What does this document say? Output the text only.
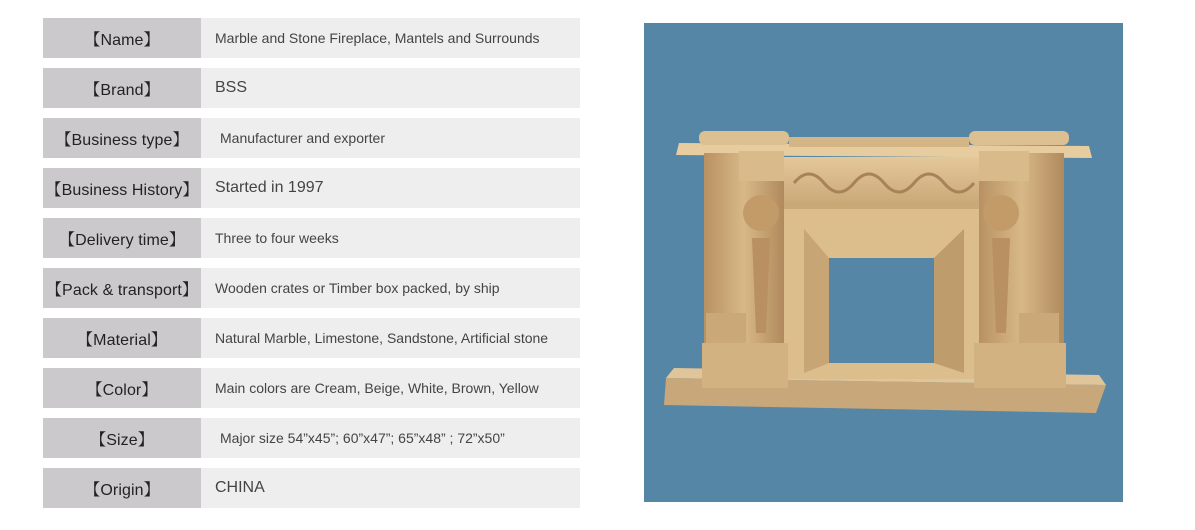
【Name】	Marble and Stone Fireplace, Mantels and Surrounds
【Brand】	BSS
【Business type】	Manufacturer and exporter
【Business History】	Started in 1997
【Delivery time】	Three to four weeks
【Pack & transport】	Wooden crates or Timber box packed, by ship
【Material】	Natural Marble, Limestone, Sandstone, Artificial stone
【Color】	Main colors are Cream, Beige, White, Brown, Yellow
【Size】	Major size 54”x45”; 60”x47”; 65”x48” ; 72”x50”
【Origin】	CHINA
